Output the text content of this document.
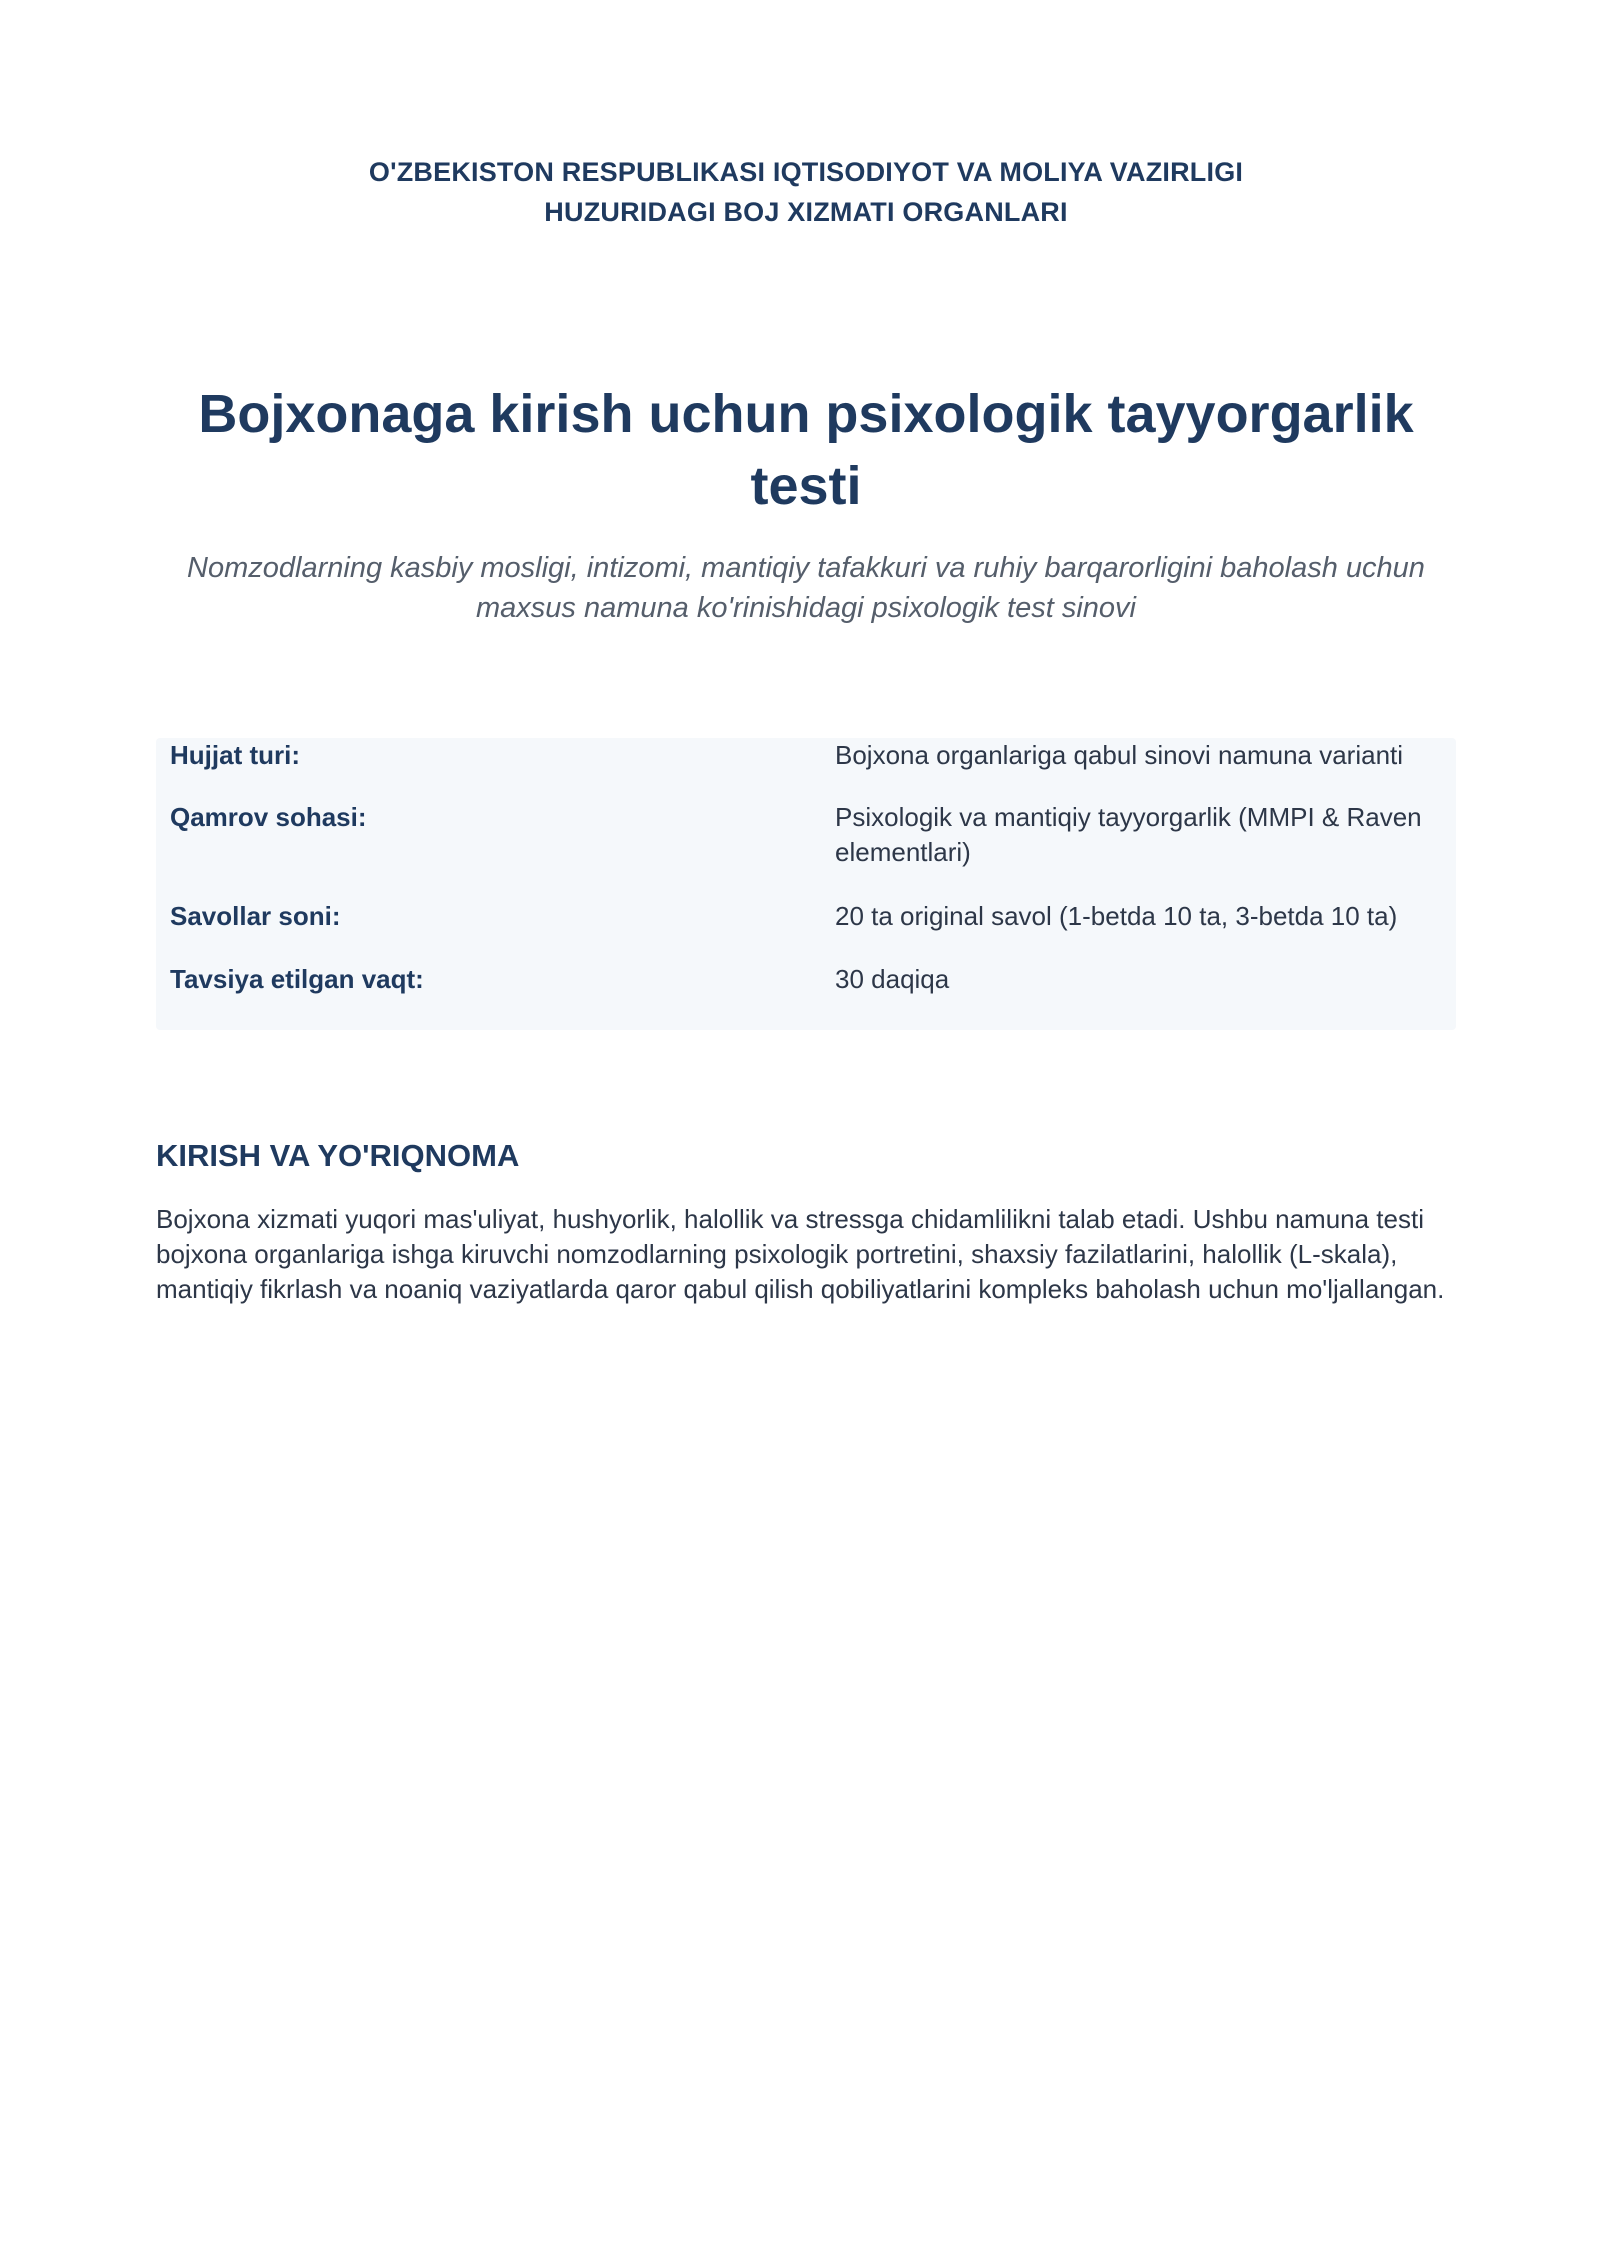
O'ZBEKISTON RESPUBLIKASI IQTISODIYOT VA MOLIYA VAZIRLIGI
HUZURIDAGI BOJ XIZMATI ORGANLARI
Bojxonaga kirish uchun psixologik tayyorgarlik testi
Nomzodlarning kasbiy mosligi, intizomi, mantiqiy tafakkuri va ruhiy barqarorligini baholash uchun maxsus namuna ko'rinishidagi psixologik test sinovi
Hujjat turi:	Bojxona organlariga qabul sinovi namuna varianti
Qamrov sohasi:	Psixologik va mantiqiy tayyorgarlik (MMPI & Raven elementlari)
Savollar soni:	20 ta original savol (1-betda 10 ta, 3-betda 10 ta)
Tavsiya etilgan vaqt:	30 daqiqa
KIRISH VA YO'RIQNOMA
Bojxona xizmati yuqori mas'uliyat, hushyorlik, halollik va stressga chidamlilikni talab etadi. Ushbu namuna testi bojxona organlariga ishga kiruvchi nomzodlarning psixologik portretini, shaxsiy fazilatlarini, halollik (L-skala), mantiqiy fikrlash va noaniq vaziyatlarda qaror qabul qilish qobiliyatlarini kompleks baholash uchun mo'ljallangan.
